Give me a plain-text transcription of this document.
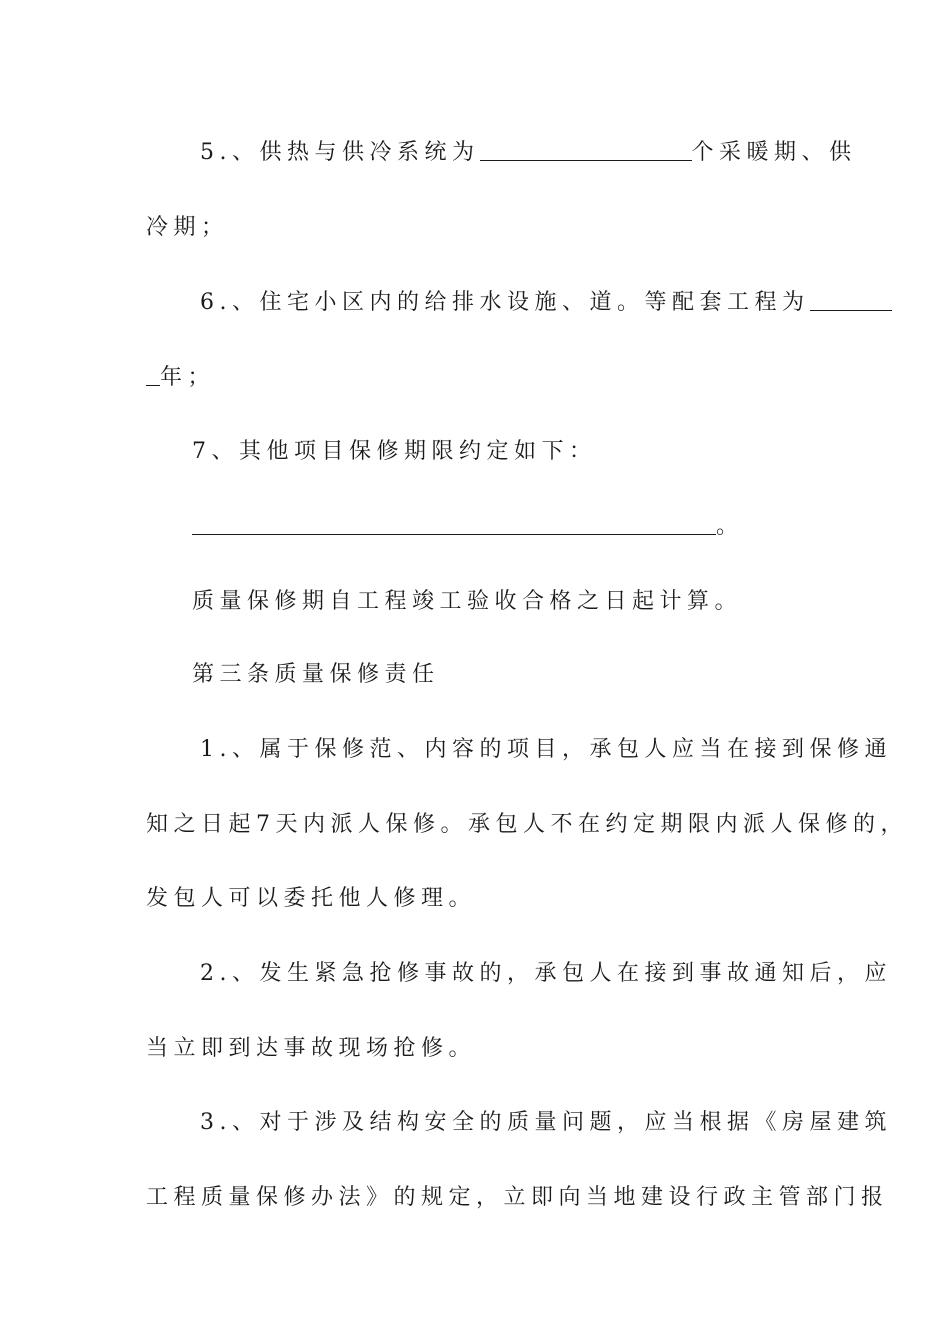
5.、供热与供冷系统为	个采暖期、供
冷期；
6.、住宅小区内的给排水设施、道。等配套工程为
年；
7、其他项目保修期限约定如下：
。
质量保修期自工程竣工验收合格之日起计算。
第三条质量保修责任
1.、属于保修范、内容的项目，承包人应当在接到保修通
知之日起7天内派人保修。承包人不在约定期限内派人保修的，
发包人可以委托他人修理。
2.、发生紧急抢修事故的，承包人在接到事故通知后，应
当立即到达事故现场抢修。
3.、对于涉及结构安全的质量问题，应当根据《房屋建筑
工程质量保修办法》的规定，立即向当地建设行政主管部门报
